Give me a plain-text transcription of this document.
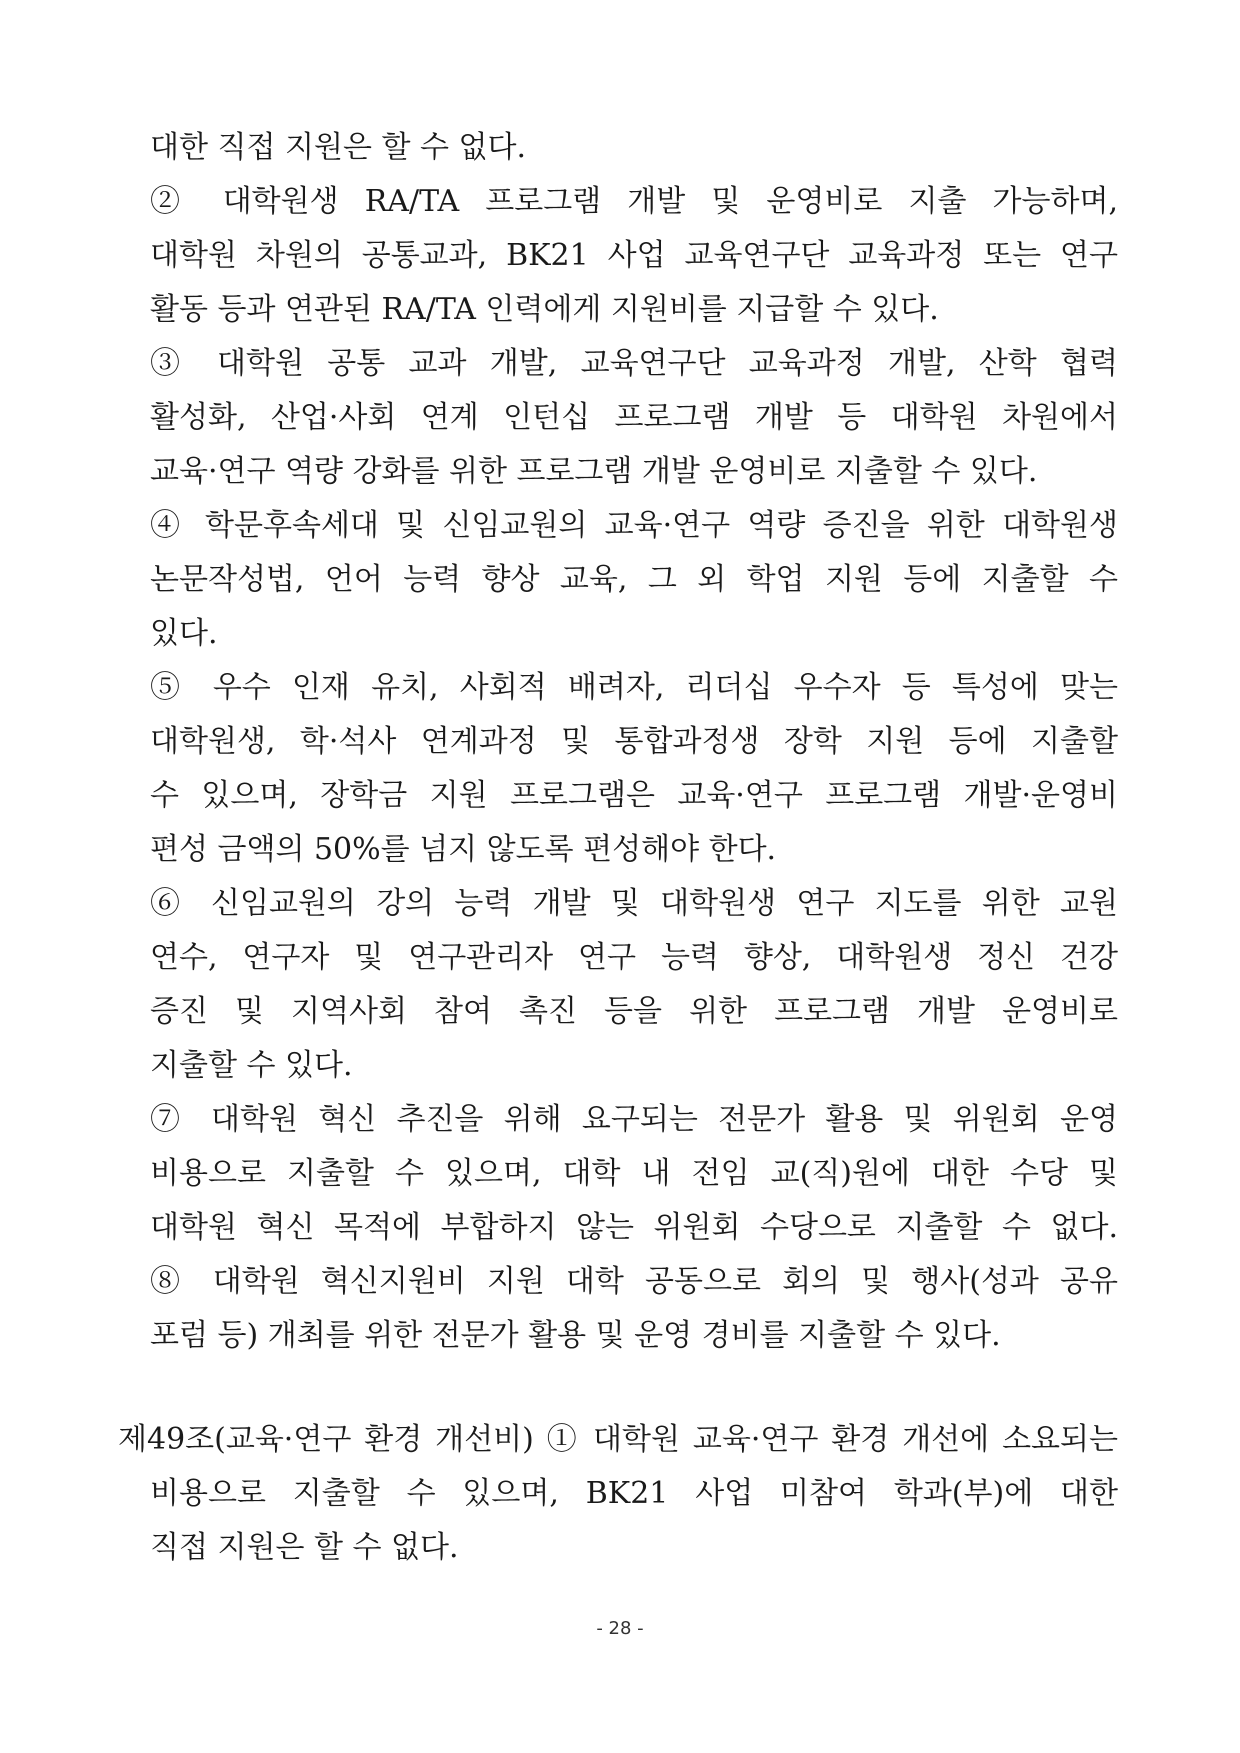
대한 직접 지원은 할 수 없다.
② 대학원생 RA/TA 프로그램 개발 및 운영비로 지출 가능하며,
대학원 차원의 공통교과, BK21 사업 교육연구단 교육과정 또는 연구
활동 등과 연관된 RA/TA 인력에게 지원비를 지급할 수 있다.
③ 대학원 공통 교과 개발, 교육연구단 교육과정 개발, 산학 협력
활성화, 산업·사회 연계 인턴십 프로그램 개발 등 대학원 차원에서
교육·연구 역량 강화를 위한 프로그램 개발 운영비로 지출할 수 있다.
④ 학문후속세대 및 신임교원의 교육·연구 역량 증진을 위한 대학원생
논문작성법, 언어 능력 향상 교육, 그 외 학업 지원 등에 지출할 수
있다.
⑤ 우수 인재 유치, 사회적 배려자, 리더십 우수자 등 특성에 맞는
대학원생, 학·석사 연계과정 및 통합과정생 장학 지원 등에 지출할
수 있으며, 장학금 지원 프로그램은 교육·연구 프로그램 개발·운영비
편성 금액의 50%를 넘지 않도록 편성해야 한다.
⑥ 신임교원의 강의 능력 개발 및 대학원생 연구 지도를 위한 교원
연수, 연구자 및 연구관리자 연구 능력 향상, 대학원생 정신 건강
증진 및 지역사회 참여 촉진 등을 위한 프로그램 개발 운영비로
지출할 수 있다.
⑦ 대학원 혁신 추진을 위해 요구되는 전문가 활용 및 위원회 운영
비용으로 지출할 수 있으며, 대학 내 전임 교(직)원에 대한 수당 및
대학원 혁신 목적에 부합하지 않는 위원회 수당으로 지출할 수 없다.
⑧ 대학원 혁신지원비 지원 대학 공동으로 회의 및 행사(성과 공유
포럼 등) 개최를 위한 전문가 활용 및 운영 경비를 지출할 수 있다.
제49조(교육·연구 환경 개선비) ① 대학원 교육·연구 환경 개선에 소요되는
비용으로 지출할 수 있으며, BK21 사업 미참여 학과(부)에 대한
직접 지원은 할 수 없다.
- 28 -
